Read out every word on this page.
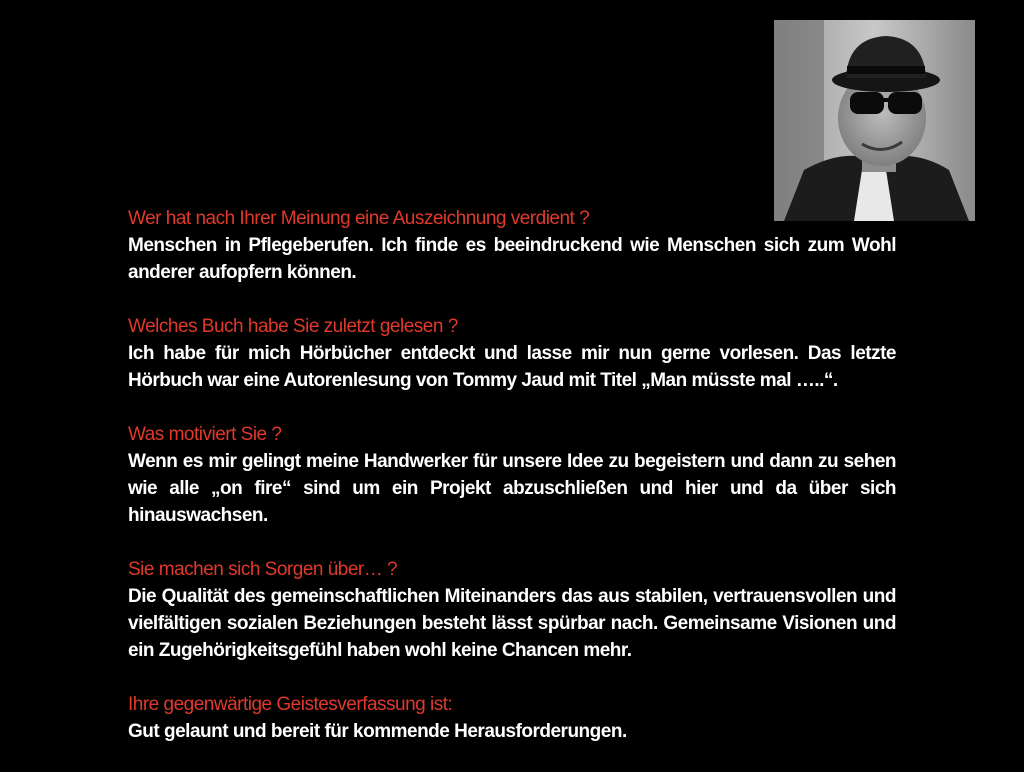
Wer hat nach Ihrer Meinung eine Auszeichnung verdient ?

Menschen in Pflegeberufen. Ich finde es beeindruckend wie Menschen sich zum Wohl anderer aufopfern können.

Welches Buch habe Sie zuletzt gelesen ?

Ich habe für mich Hörbücher entdeckt und lasse mir nun gerne vorlesen. Das letzte Hörbuch war eine Autorenlesung von Tommy Jaud mit Titel „Man müsste mal …..“.

Was motiviert Sie ?

Wenn es mir gelingt meine Handwerker für unsere Idee zu begeistern und dann zu sehen wie alle „on fire“ sind um ein Projekt abzuschließen und hier und da über sich hinauswachsen.

Sie machen sich Sorgen über… ?

Die Qualität des gemeinschaftlichen Miteinanders das aus stabilen, vertrauensvollen und vielfältigen sozialen Beziehungen besteht lässt spürbar nach. Gemeinsame Visionen und ein Zugehörigkeitsgefühl haben wohl keine Chancen mehr.

Ihre gegenwärtige Geistesverfassung ist:

Gut gelaunt und bereit für kommende Herausforderungen.
